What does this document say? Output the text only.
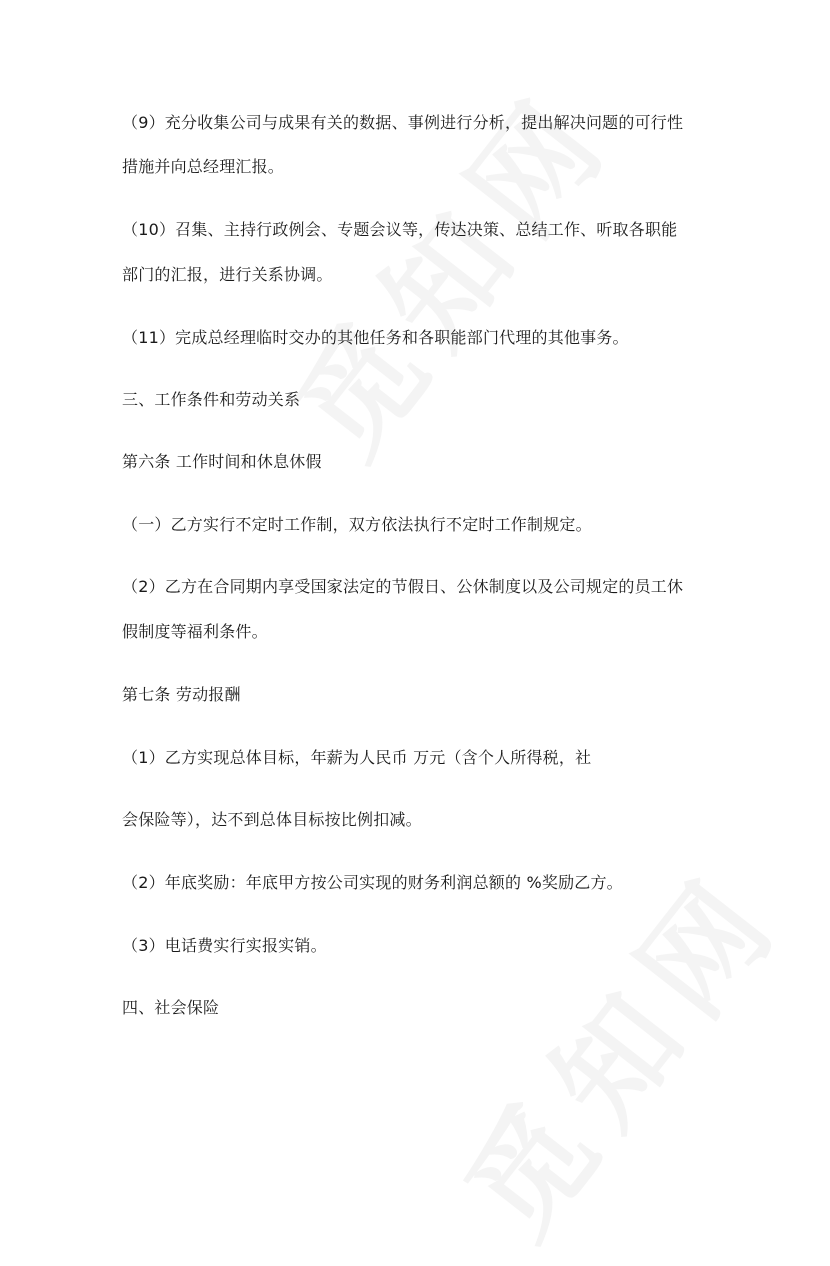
（9）充分收集公司与成果有关的数据、事例进行分析，提出解决问题的可行性
措施并向总经理汇报。
（10）召集、主持行政例会、专题会议等，传达决策、总结工作、听取各职能
部门的汇报，进行关系协调。
（11）完成总经理临时交办的其他任务和各职能部门代理的其他事务。
三、工作条件和劳动关系
第六条 工作时间和休息休假
（一）乙方实行不定时工作制，双方依法执行不定时工作制规定。
（2）乙方在合同期内享受国家法定的节假日、公休制度以及公司规定的员工休
假制度等福利条件。
第七条 劳动报酬
（1）乙方实现总体目标，年薪为人民币 万元（含个人所得税，社
会保险等），达不到总体目标按比例扣减。
（2）年底奖励：年底甲方按公司实现的财务利润总额的 %奖励乙方。
（3）电话费实行实报实销。
四、社会保险
